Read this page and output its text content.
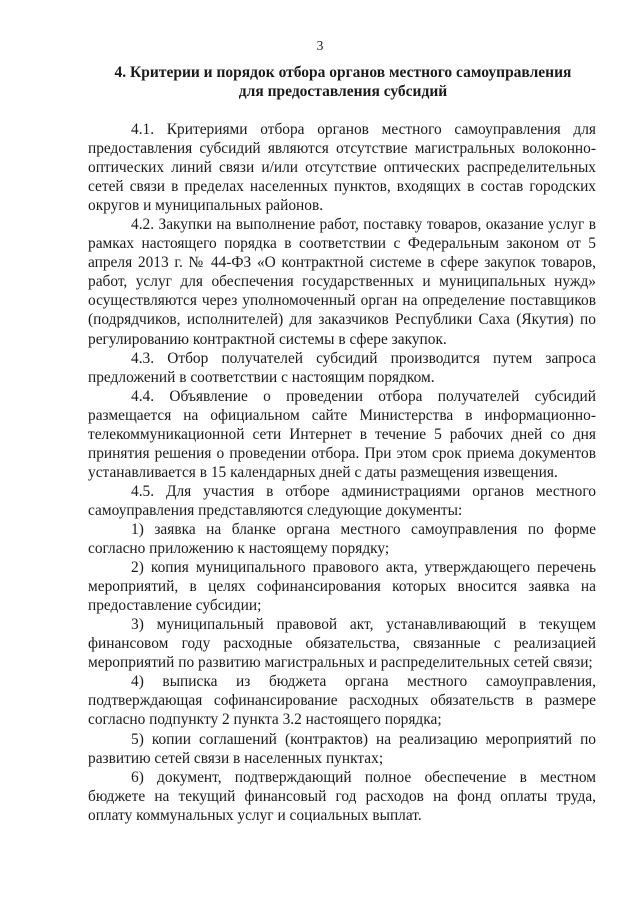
3
4. Критерии и порядок отбора органов местного самоуправления
для предоставления субсидий

4.1. Критериями отбора органов местного самоуправления для предоставления субсидий являются отсутствие магистральных волоконно-оптических линий связи и/или отсутствие оптических распределительных сетей связи в пределах населенных пунктов, входящих в состав городских округов и муниципальных районов.

4.2. Закупки на выполнение работ, поставку товаров, оказание услуг в рамках настоящего порядка в соответствии с Федеральным законом от 5 апреля 2013 г. № 44-ФЗ «О контрактной системе в сфере закупок товаров, работ, услуг для обеспечения государственных и муниципальных нужд» осуществляются через уполномоченный орган на определение поставщиков (подрядчиков, исполнителей) для заказчиков Республики Саха (Якутия) по регулированию контрактной системы в сфере закупок.

4.3. Отбор получателей субсидий производится путем запроса предложений в соответствии с настоящим порядком.

4.4. Объявление о проведении отбора получателей субсидий размещается на официальном сайте Министерства в информационно-телекоммуникационной сети Интернет в течение 5 рабочих дней со дня принятия решения о проведении отбора. При этом срок приема документов устанавливается в 15 календарных дней с даты размещения извещения.

4.5. Для участия в отборе администрациями органов местного самоуправления представляются следующие документы:

1) заявка на бланке органа местного самоуправления по форме согласно приложению к настоящему порядку;

2) копия муниципального правового акта, утверждающего перечень мероприятий, в целях софинансирования которых вносится заявка на предоставление субсидии;

3) муниципальный правовой акт, устанавливающий в текущем финансовом году расходные обязательства, связанные с реализацией мероприятий по развитию магистральных и распределительных сетей связи;

4) выписка из бюджета органа местного самоуправления, подтверждающая софинансирование расходных обязательств в размере согласно подпункту 2 пункта 3.2 настоящего порядка;

5) копии соглашений (контрактов) на реализацию мероприятий по развитию сетей связи в населенных пунктах;

6) документ, подтверждающий полное обеспечение в местном бюджете на текущий финансовый год расходов на фонд оплаты труда, оплату коммунальных услуг и социальных выплат.
